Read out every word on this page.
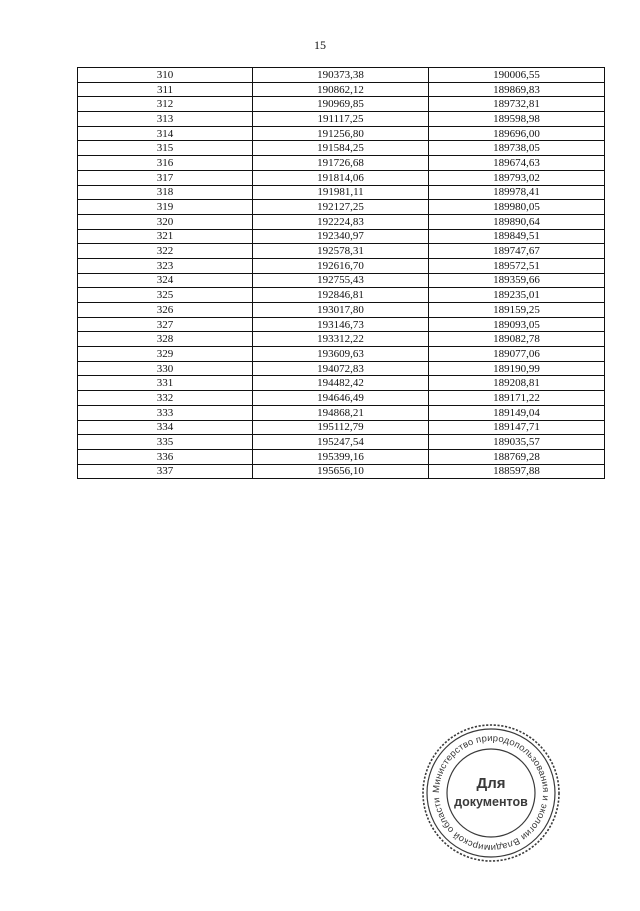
15
310	190373,38	190006,55
311	190862,12	189869,83
312	190969,85	189732,81
313	191117,25	189598,98
314	191256,80	189696,00
315	191584,25	189738,05
316	191726,68	189674,63
317	191814,06	189793,02
318	191981,11	189978,41
319	192127,25	189980,05
320	192224,83	189890,64
321	192340,97	189849,51
322	192578,31	189747,67
323	192616,70	189572,51
324	192755,43	189359,66
325	192846,81	189235,01
326	193017,80	189159,25
327	193146,73	189093,05
328	193312,22	189082,78
329	193609,63	189077,06
330	194072,83	189190,99
331	194482,42	189208,81
332	194646,49	189171,22
333	194868,21	189149,04
334	195112,79	189147,71
335	195247,54	189035,57
336	195399,16	188769,28
337	195656,10	188597,88
Министерство природопользования и экологии Владимирской области
Для
документов
